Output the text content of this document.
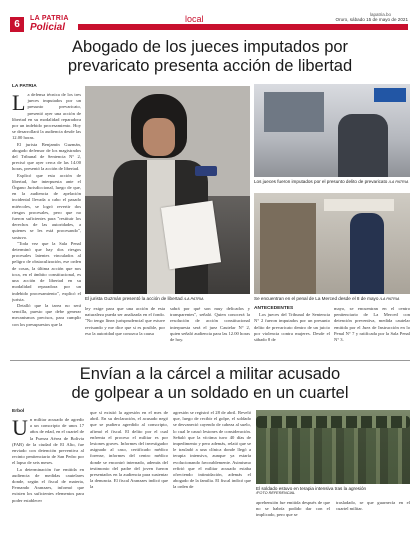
6
LA PATRIA
Policial
local	lapatria.bo
Oruro, sábado 15 de mayo de 2021
Abogado de los jueces imputados por
prevaricato presenta acción de libertad
LA PATRIA
L a defensa técnica de los tres jueces imputados por un presunto prevaricato, presentó ayer una acción de libertad en su modalidad reparadora por un indebido procesamiento. Hoy se desarrollará la audiencia desde las 12.00 horas.
El jurista Benjamín Guzmán, abogado defensor de los magistrados del Tribunal de Sentencia N° 2, precisó que ayer cerca de las 14.00 horas, presentó la acción de libertad.
Explicó que esta acción de libertad, fue interpuesta ante el Órgano Jurisdiccional, luego de que, en la audiencia de apelación incidental llevada a cabo el pasado miércoles, se logró revertir dos riesgos procesales, pero que no fueron suficientes para "restituir los derechos de las autoridades, a quienes se les está procesando", sostuvo.
"Toda vez que la Sala Penal determinó que hay dos riesgos procesales latentes vinculados al peligro de obstaculización, ese orden de cosas, la última acción que nos toca, en el ámbito constitucional, es una acción de libertad en su modalidad reparadora por un indebido procesamiento", explicó el jurista.
Detalló que la tarea no será sencilla, puesto que debe generar mecanismos precisos, para cumplir con los presupuestos que la
El jurista Guzmán presentó la acción de libertad /LA PATRIA
Los jueces fueron imputados por el presunto delito de prevaricato /LA PATRIA
Se encuentran en el penal de La Merced desde el 8 de mayo /LA PATRIA
ley exige para que una acción de esta naturaleza pueda ser analizada en el fondo. "No tengo línea jurisprudencial que estuve revisando y me dice que si es posible, por eso la autoridad que conozca la causa
sabrá por qué son muy delicados y transparentes", señaló. Quien conocerá la resolución de acción constitucional interpuesta será el juez Cautelar N° 2, quien señaló audiencia para las 12.00 horas de hoy.
ANTECEDENTES
Los jueces del Tribunal de Sentencia N° 2 fueron imputados por un presunto delito de prevaricato dentro de un juicio por violencia contra mujeres. Desde el sábado 8 de
mayo, se encuentran en el centro penitenciario de La Merced con detención preventiva, medida cautelar emitida por el Juez de Instrucción en lo Penal N° 7 y ratificada por la Sala Penal N° 3.
Envían a la cárcel a militar acusado
de golpear a un soldado en un cuartel
Erbol
U n militar acusado de agredir a un conscripto de unos 17 años de edad, en el cuartel de la Fuerza Aérea de Bolivia (FAB) de la ciudad de El Alto, fue enviado con detención preventiva al recinto penitenciario de San Pedro por el lapso de seis meses.
La determinación fue emitida en audiencia de medidas cautelares donde, según el fiscal de materia, Fernando Aranzaes, informó que existen los suficientes elementos para poder establecer
que sí existió la agresión en el mes de abril. En su declaración, el acusado negó que se pudiera agredido al conscripto, afirmó el fiscal. El delito por el cual enfrenta el proceso el militar es por lesiones graves. Informes del investigador asignado al caso, certificado médico forense, informes del centro médico donde se encontró internado, además del testimonio del padre del joven fueron presentados en la audiencia para sustentar la denuncia. El fiscal Aranzaes indicó que la
agresión se registró el 28 de abril. Reveló que, luego de recibir el golpe, el soldado se desvaneció cayendo de cabeza al suelo, lo cual le causó lesiones de consideración. Señaló que la víctima tuvo 40 días de impedimento y pero además, relató que se le trasladó a una clínica donde llegó a terapia intensiva, aunque ya estaría evolucionando favorablemente. Asimismo refirió que el militar acusado estaba ofreciendo intimidación, además el abogado de la familia. El fiscal indicó que la orden de	El soldado estuvo en terapia intensiva tras la agresión
/FOTO REFERENCIAL
aprehensión fue emitida después de que no se habría podido dar con el implicado, pero que se
trasladado, se que guarnecía en el cuartel militar.
